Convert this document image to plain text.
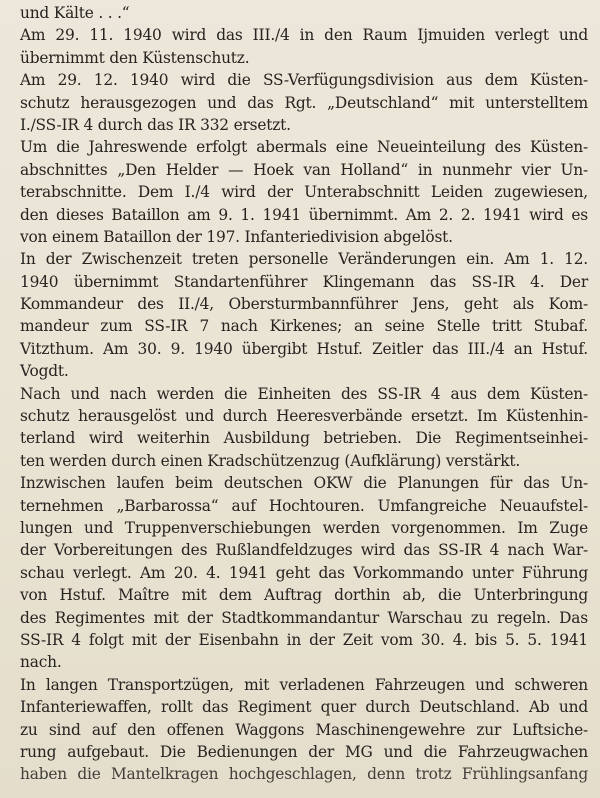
und Kälte . . .“
Am 29. 11. 1940 wird das III./4 in den Raum Ijmuiden verlegt und
übernimmt den Küstenschutz.
Am 29. 12. 1940 wird die SS-Verfügungsdivision aus dem Küsten-
schutz herausgezogen und das Rgt. „Deutschland“ mit unterstelltem
I./SS-IR 4 durch das IR 332 ersetzt.
Um die Jahreswende erfolgt abermals eine Neueinteilung des Küsten-
abschnittes „Den Helder — Hoek van Holland“ in nunmehr vier Un-
terabschnitte. Dem I./4 wird der Unterabschnitt Leiden zugewiesen,
den dieses Bataillon am 9. 1. 1941 übernimmt. Am 2. 2. 1941 wird es
von einem Bataillon der 197. Infanteriedivision abgelöst.
In der Zwischenzeit treten personelle Veränderungen ein. Am 1. 12.
1940 übernimmt Standartenführer Klingemann das SS-IR 4. Der
Kommandeur des II./4, Obersturmbannführer Jens, geht als Kom-
mandeur zum SS-IR 7 nach Kirkenes; an seine Stelle tritt Stubaf.
Vitzthum. Am 30. 9. 1940 übergibt Hstuf. Zeitler das III./4 an Hstuf.
Vogdt.
Nach und nach werden die Einheiten des SS-IR 4 aus dem Küsten-
schutz herausgelöst und durch Heeresverbände ersetzt. Im Küstenhin-
terland wird weiterhin Ausbildung betrieben. Die Regimentseinhei-
ten werden durch einen Kradschützenzug (Aufklärung) verstärkt.
Inzwischen laufen beim deutschen OKW die Planungen für das Un-
ternehmen „Barbarossa“ auf Hochtouren. Umfangreiche Neuaufstel-
lungen und Truppenverschiebungen werden vorgenommen. Im Zuge
der Vorbereitungen des Rußlandfeldzuges wird das SS-IR 4 nach War-
schau verlegt. Am 20. 4. 1941 geht das Vorkommando unter Führung
von Hstuf. Maître mit dem Auftrag dorthin ab, die Unterbringung
des Regimentes mit der Stadtkommandantur Warschau zu regeln. Das
SS-IR 4 folgt mit der Eisenbahn in der Zeit vom 30. 4. bis 5. 5. 1941
nach.
In langen Transportzügen, mit verladenen Fahrzeugen und schweren
Infanteriewaffen, rollt das Regiment quer durch Deutschland. Ab und
zu sind auf den offenen Waggons Maschinengewehre zur Luftsiche-
rung aufgebaut. Die Bedienungen der MG und die Fahrzeugwachen
haben die Mantelkragen hochgeschlagen, denn trotz Frühlingsanfang
